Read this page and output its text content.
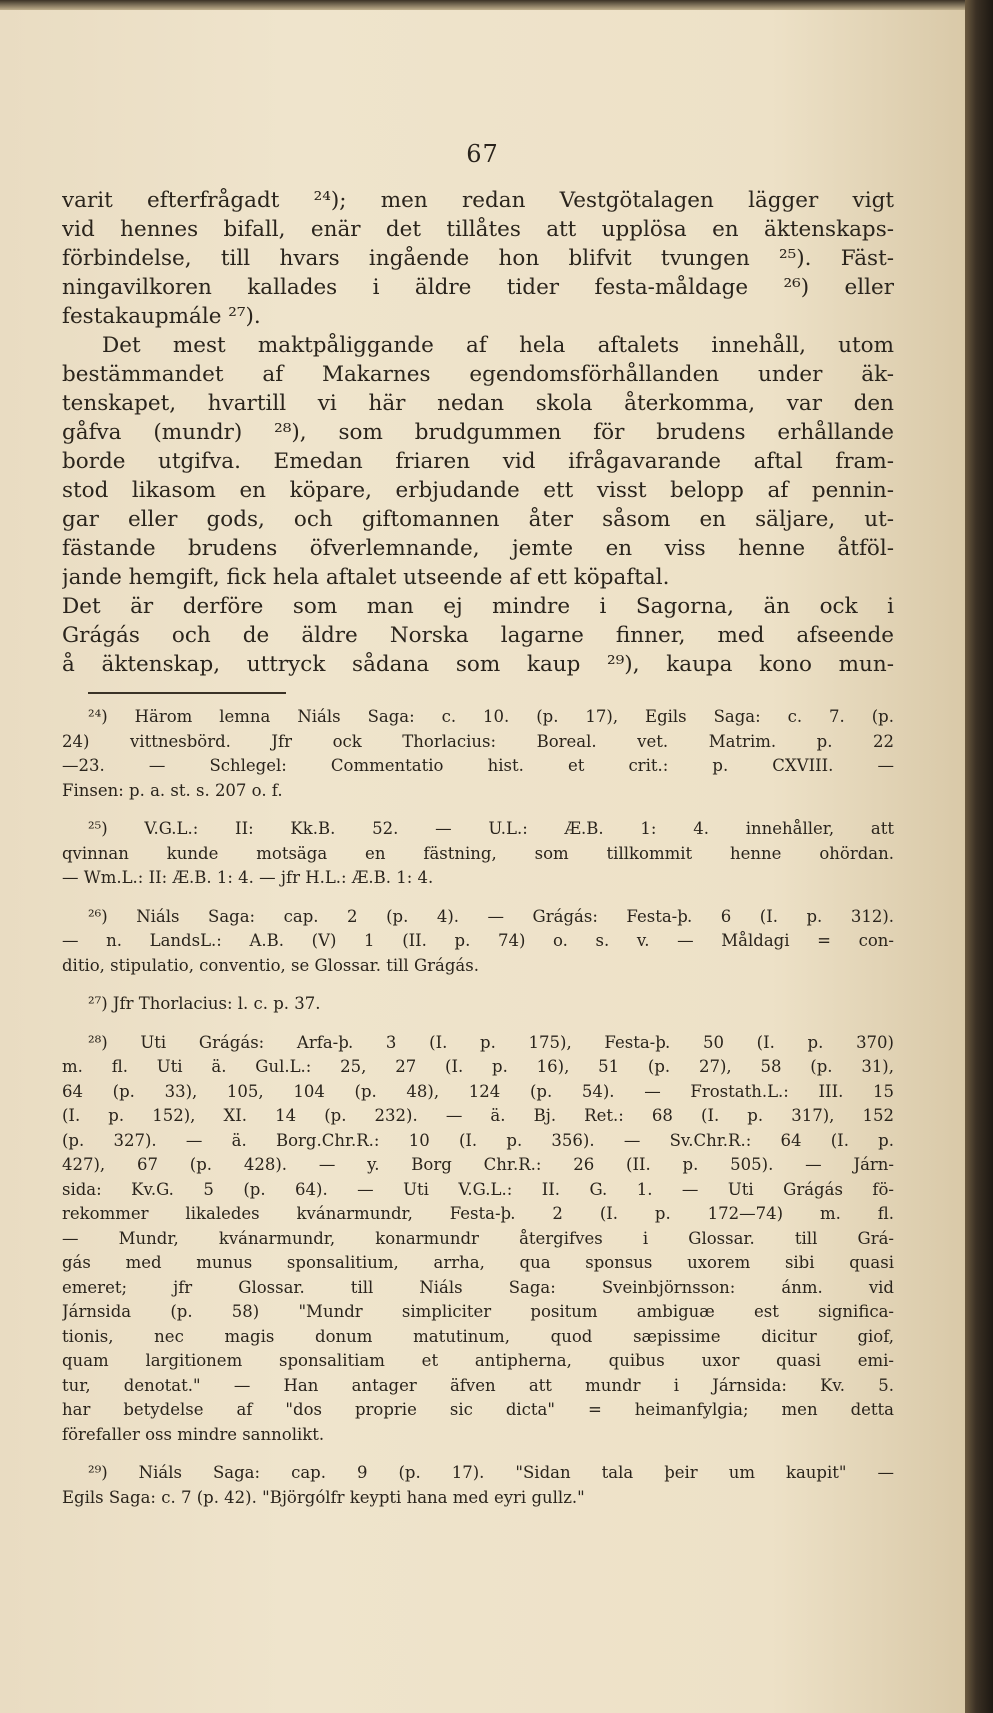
67
varit efterfrågadt ²⁴); men redan Vestgötalagen lägger vigt
vid hennes bifall, enär det tillåtes att upplösa en äktenskaps-
förbindelse, till hvars ingående hon blifvit tvungen ²⁵). Fäst-
ningavilkoren kallades i äldre tider festa-måldage ²⁶) eller
festakaupmále ²⁷).
Det mest maktpåliggande af hela aftalets innehåll, utom
bestämmandet af Makarnes egendomsförhållanden under äk-
tenskapet, hvartill vi här nedan skola återkomma, var den
gåfva (mundr) ²⁸), som brudgummen för brudens erhållande
borde utgifva. Emedan friaren vid ifrågavarande aftal fram-
stod likasom en köpare, erbjudande ett visst belopp af pennin-
gar eller gods, och giftomannen åter såsom en säljare, ut-
fästande brudens öfverlemnande, jemte en viss henne åtföl-
jande hemgift, fick hela aftalet utseende af ett köpaftal.
Det är derföre som man ej mindre i Sagorna, än ock i
Grágás och de äldre Norska lagarne finner, med afseende
å äktenskap, uttryck sådana som kaup ²⁹), kaupa kono mun-
²⁴) Härom lemna Niáls Saga: c. 10. (p. 17), Egils Saga: c. 7. (p.
24) vittnesbörd. Jfr ock Thorlacius: Boreal. vet. Matrim. p. 22
—23. — Schlegel: Commentatio hist. et crit.: p. CXVIII. —
Finsen: p. a. st. s. 207 o. f.
²⁵) V.G.L.: II: Kk.B. 52. — U.L.: Æ.B. 1: 4. innehåller, att
qvinnan kunde motsäga en fästning, som tillkommit henne ohördan.
— Wm.L.: II: Æ.B. 1: 4. — jfr H.L.: Æ.B. 1: 4.
²⁶) Niáls Saga: cap. 2 (p. 4). — Grágás: Festa-þ. 6 (I. p. 312).
— n. LandsL.: A.B. (V) 1 (II. p. 74) o. s. v. — Måldagi = con-
ditio, stipulatio, conventio, se Glossar. till Grágás.
²⁷) Jfr Thorlacius: l. c. p. 37.
²⁸) Uti Grágás: Arfa-þ. 3 (I. p. 175), Festa-þ. 50 (I. p. 370)
m. fl. Uti ä. Gul.L.: 25, 27 (I. p. 16), 51 (p. 27), 58 (p. 31),
64 (p. 33), 105, 104 (p. 48), 124 (p. 54). — Frostath.L.: III. 15
(I. p. 152), XI. 14 (p. 232). — ä. Bj. Ret.: 68 (I. p. 317), 152
(p. 327). — ä. Borg.Chr.R.: 10 (I. p. 356). — Sv.Chr.R.: 64 (I. p.
427), 67 (p. 428). — y. Borg Chr.R.: 26 (II. p. 505). — Járn-
sida: Kv.G. 5 (p. 64). — Uti V.G.L.: II. G. 1. — Uti Grágás fö-
rekommer likaledes kvánarmundr, Festa-þ. 2 (I. p. 172—74) m. fl.
— Mundr, kvánarmundr, konarmundr återgifves i Glossar. till Grá-
gás med munus sponsalitium, arrha, qua sponsus uxorem sibi quasi
emeret; jfr Glossar. till Niáls Saga: Sveinbjörnsson: ánm. vid
Járnsida (p. 58) "Mundr simpliciter positum ambiguæ est significa-
tionis, nec magis donum matutinum, quod sæpissime dicitur giof,
quam largitionem sponsalitiam et antipherna, quibus uxor quasi emi-
tur, denotat." — Han antager äfven att mundr i Járnsida: Kv. 5.
har betydelse af "dos proprie sic dicta" = heimanfylgia; men detta
förefaller oss mindre sannolikt.
²⁹) Niáls Saga: cap. 9 (p. 17). "Sidan tala þeir um kaupit" —
Egils Saga: c. 7 (p. 42). "Björgólfr keypti hana med eyri gullz."
